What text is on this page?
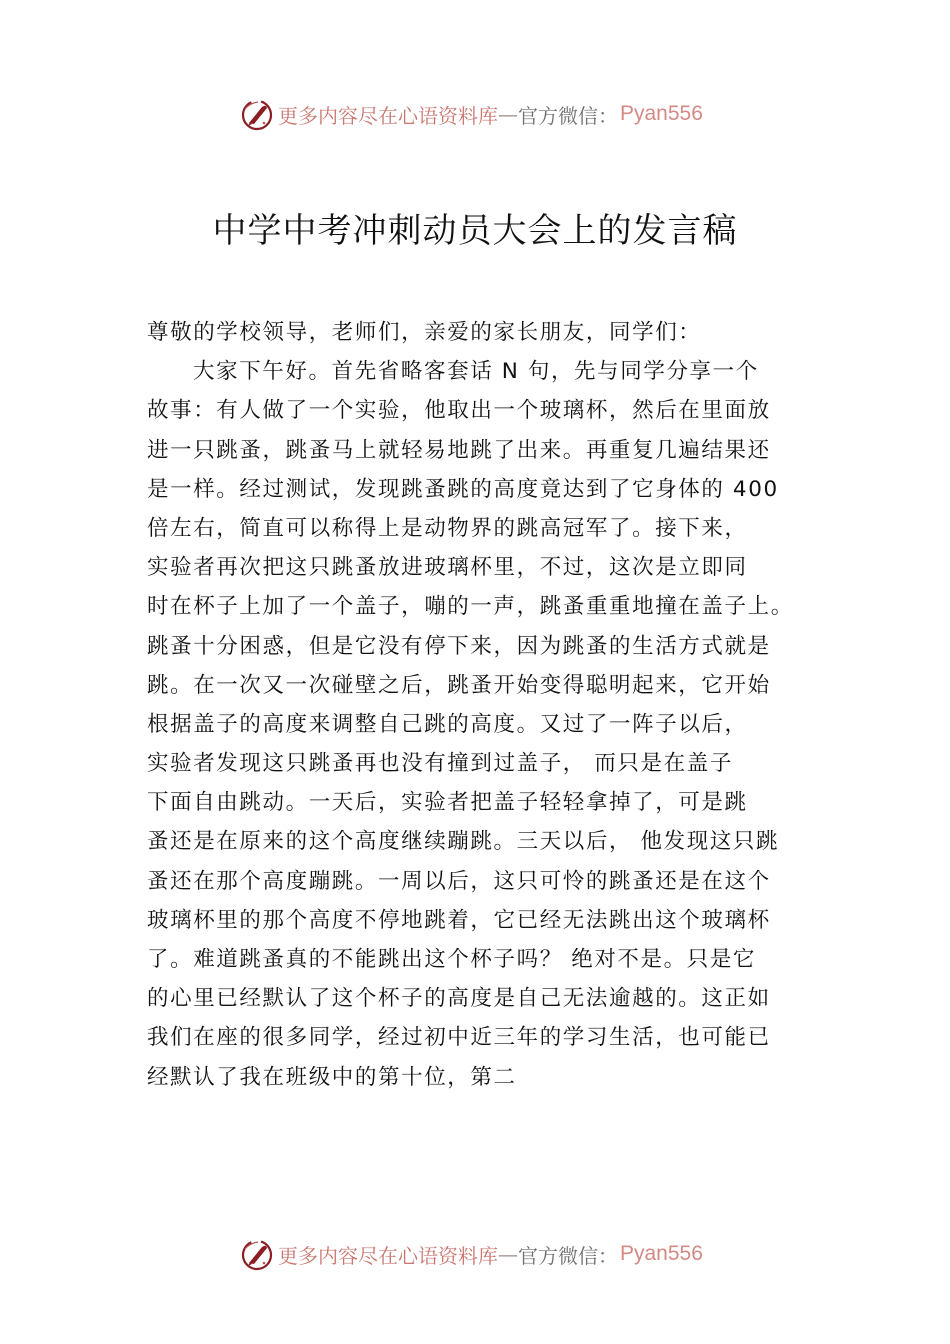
更多内容尽在心语资料库 — 官方微信： Pyan556
中学中考冲刺动员大会上的发言稿
尊敬的学校领导，老师们，亲爱的家长朋友，同学们：
大家下午好。首先省略客套话 N 句，先与同学分享一个
故事：有人做了一个实验，他取出一个玻璃杯，然后在里面放
进一只跳蚤，跳蚤马上就轻易地跳了出来。再重复几遍结果还
是一样。经过测试，发现跳蚤跳的高度竟达到了它身体的 400
倍左右，简直可以称得上是动物界的跳高冠军了。接下来，
实验者再次把这只跳蚤放进玻璃杯里，不过，这次是立即同
时在杯子上加了一个盖子，嘣的一声，跳蚤重重地撞在盖子上。
跳蚤十分困惑，但是它没有停下来，因为跳蚤的生活方式就是
跳。在一次又一次碰壁之后，跳蚤开始变得聪明起来，它开始
根据盖子的高度来调整自己跳的高度。又过了一阵子以后，
实验者发现这只跳蚤再也没有撞到过盖子， 而只是在盖子
下面自由跳动。一天后，实验者把盖子轻轻拿掉了，可是跳
蚤还是在原来的这个高度继续蹦跳。三天以后， 他发现这只跳
蚤还在那个高度蹦跳。一周以后，这只可怜的跳蚤还是在这个
玻璃杯里的那个高度不停地跳着，它已经无法跳出这个玻璃杯
了。难道跳蚤真的不能跳出这个杯子吗？ 绝对不是。只是它
的心里已经默认了这个杯子的高度是自己无法逾越的。这正如
我们在座的很多同学，经过初中近三年的学习生活，也可能已
经默认了我在班级中的第十位，第二
更多内容尽在心语资料库 — 官方微信： Pyan556
